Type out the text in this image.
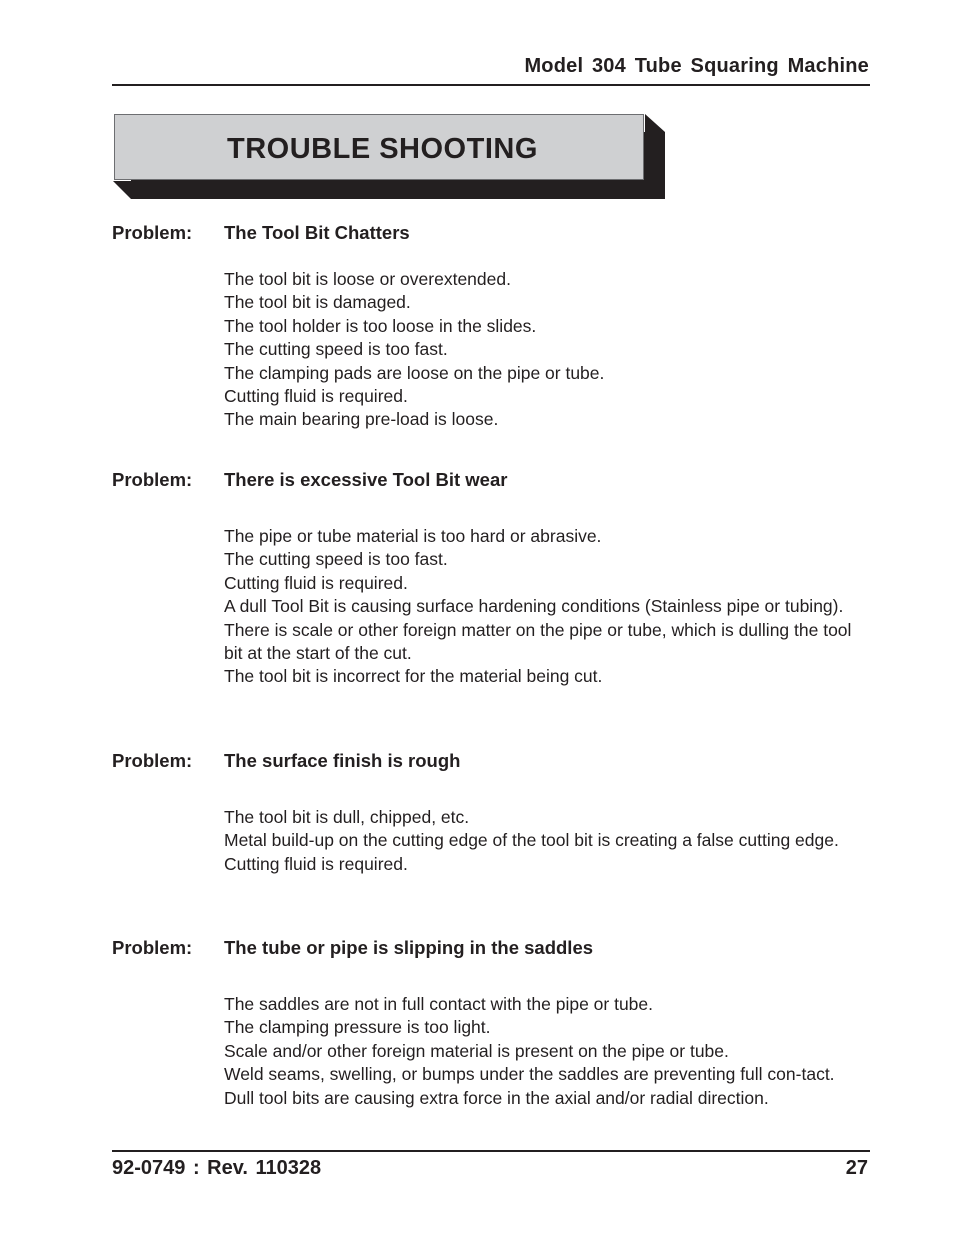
Model 304 Tube Squaring Machine
TROUBLE SHOOTING
Problem: The Tool Bit Chatters
The tool bit is loose or overextended.
The tool bit is damaged.
The tool holder is too loose in the slides.
The cutting speed is too fast.
The clamping pads are loose on the pipe or tube.
Cutting fluid is required.
The main bearing pre-load is loose.
Problem: There is excessive Tool Bit wear
The pipe or tube material is too hard or abrasive.
The cutting speed is too fast.
Cutting fluid is required.
A dull Tool Bit is causing surface hardening conditions (Stainless pipe or tubing).
There is scale or other foreign matter on the pipe or tube, which is dulling the tool bit at the start of the cut.
The tool bit is incorrect for the material being cut.
Problem: The surface finish is rough
The tool bit is dull, chipped, etc.
Metal build-up on the cutting edge of the tool bit is creating a false cutting edge.
Cutting fluid is required.
Problem: The tube or pipe is slipping in the saddles
The saddles are not in full contact with the pipe or tube.
The clamping pressure is too light.
Scale and/or other foreign material is present on the pipe or tube.
Weld seams, swelling, or bumps under the saddles are preventing full con-tact.
Dull tool bits are causing extra force in the axial and/or radial direction.
92-0749 : Rev. 110328	27
